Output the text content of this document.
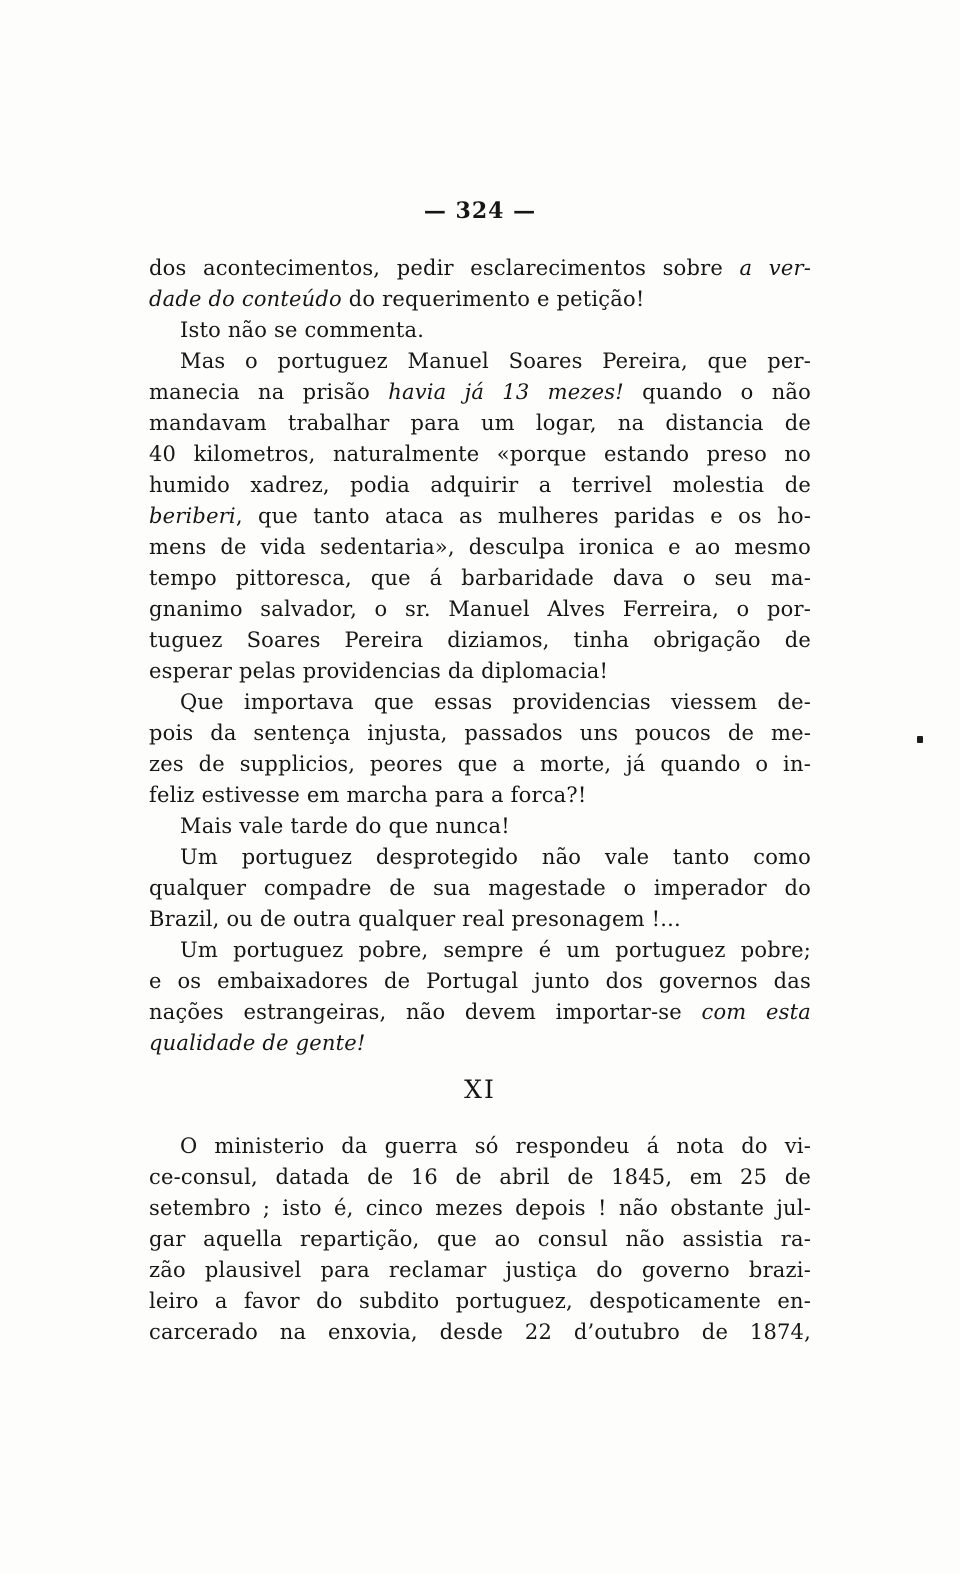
— 324 —
dos acontecimentos, pedir esclarecimentos sobre a ver-
dade do conteúdo do requerimento e petição!
Isto não se commenta.
Mas o portuguez Manuel Soares Pereira, que per-
manecia na prisão havia já 13 mezes! quando o não
mandavam trabalhar para um logar, na distancia de
40 kilometros, naturalmente «porque estando preso no
humido xadrez, podia adquirir a terrivel molestia de
beriberi, que tanto ataca as mulheres paridas e os ho-
mens de vida sedentaria», desculpa ironica e ao mesmo
tempo pittoresca, que á barbaridade dava o seu ma-
gnanimo salvador, o sr. Manuel Alves Ferreira, o por-
tuguez Soares Pereira diziamos, tinha obrigação de
esperar pelas providencias da diplomacia!
Que importava que essas providencias viessem de-
pois da sentença injusta, passados uns poucos de me-
zes de supplicios, peores que a morte, já quando o in-
feliz estivesse em marcha para a forca?!
Mais vale tarde do que nunca!
Um portuguez desprotegido não vale tanto como
qualquer compadre de sua magestade o imperador do
Brazil, ou de outra qualquer real presonagem !...
Um portuguez pobre, sempre é um portuguez pobre;
e os embaixadores de Portugal junto dos governos das
nações estrangeiras, não devem importar-se com esta
qualidade de gente!
XI
O ministerio da guerra só respondeu á nota do vi-
ce-consul, datada de 16 de abril de 1845, em 25 de
setembro ; isto é, cinco mezes depois ! não obstante jul-
gar aquella repartição, que ao consul não assistia ra-
zão plausivel para reclamar justiça do governo brazi-
leiro a favor do subdito portuguez, despoticamente en-
carcerado na enxovia, desde 22 d’outubro de 1874,
